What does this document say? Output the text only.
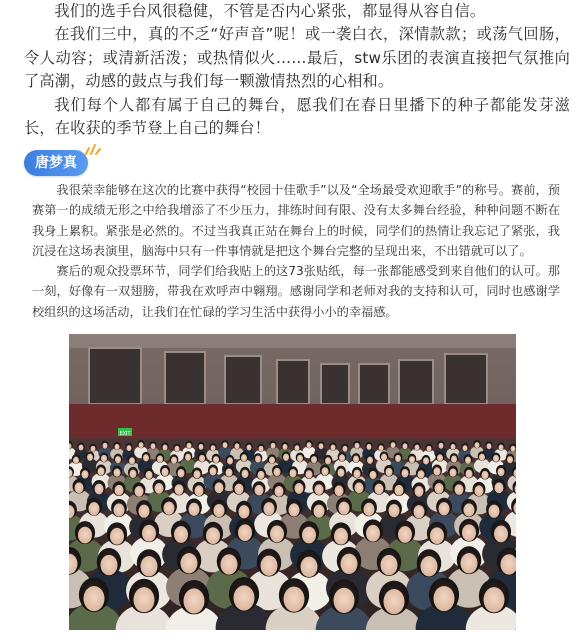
我们的选手台风很稳健，不管是否内心紧张，都显得从容自信。

在我们三中，真的不乏“好声音”呢！或一袭白衣，深情款款；或荡气回肠，令人动容；或清新活泼；或热情似火……最后，stw乐团的表演直接把气氛推向了高潮，动感的鼓点与我们每一颗激情热烈的心相和。

我们每个人都有属于自己的舞台，愿我们在春日里播下的种子都能发芽滋长，在收获的季节登上自己的舞台！

唐梦真

我很荣幸能够在这次的比赛中获得“校园十佳歌手”以及“全场最受欢迎歌手”的称号。赛前，预赛第一的成绩无形之中给我增添了不少压力，排练时间有限、没有太多舞台经验，种种问题不断在我身上累积。紧张是必然的。不过当我真正站在舞台上的时候，同学们的热情让我忘记了紧张，我沉浸在这场表演里，脑海中只有一件事情就是把这个舞台完整的呈现出来，不出错就可以了。

赛后的观众投票环节，同学们给我贴上的这73张贴纸，每一张都能感受到来自他们的认可。那一刻，好像有一双翅膀，带我在欢呼声中翱翔。感谢同学和老师对我的支持和认可，同时也感谢学校组织的这场活动，让我们在忙碌的学习生活中获得小小的幸福感。

EXIT
